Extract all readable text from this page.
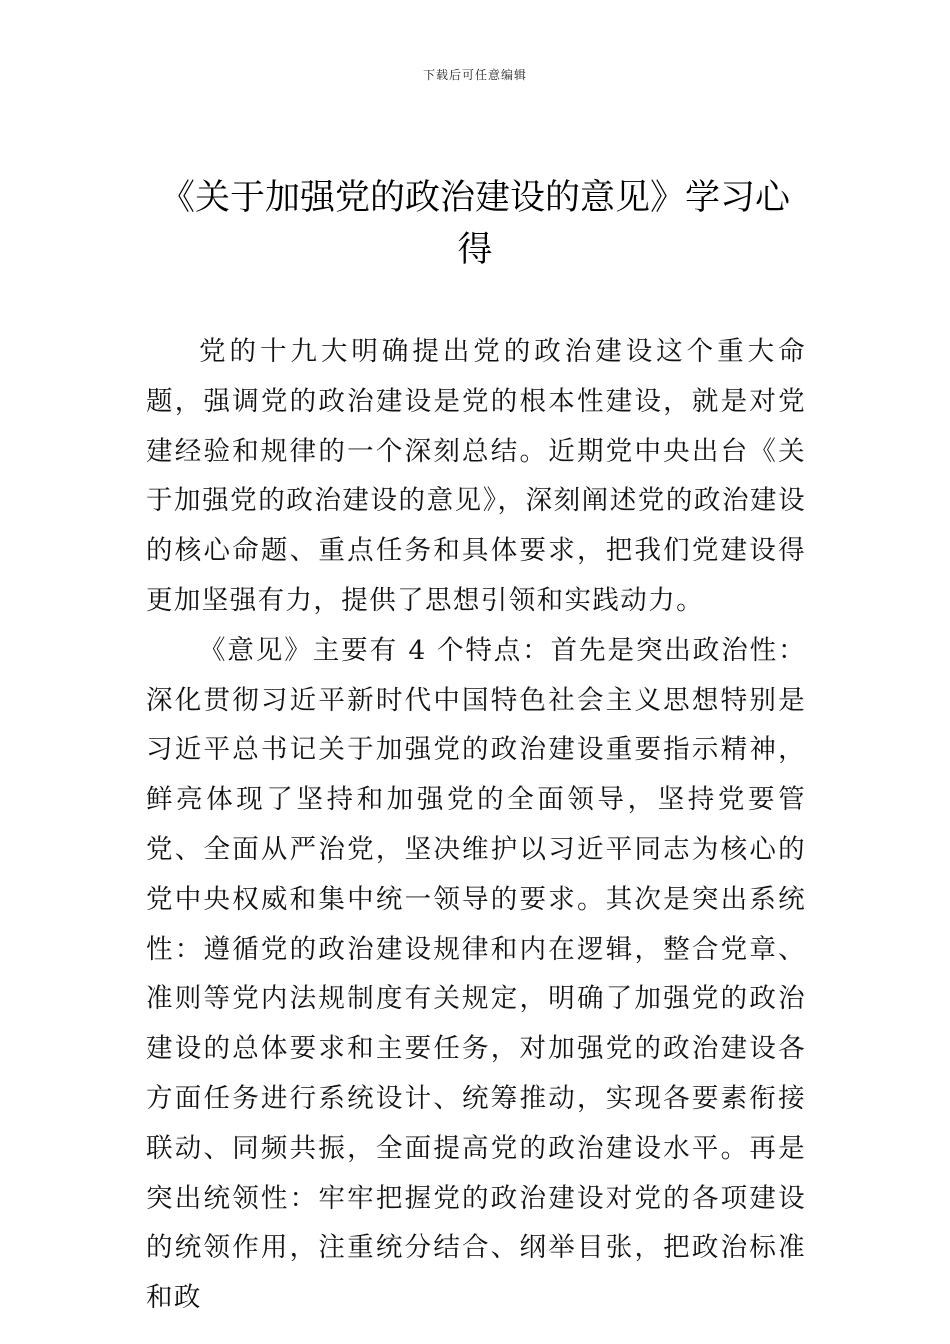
下载后可任意编辑
《关于加强党的政治建设的意见》学习心得

党的十九大明确提出党的政治建设这个重大命题，强调党的政治建设是党的根本性建设，就是对党建经验和规律的一个深刻总结。近期党中央出台《关于加强党的政治建设的意见》，深刻阐述党的政治建设的核心命题、重点任务和具体要求，把我们党建设得更加坚强有力，提供了思想引领和实践动力。

《意见》主要有 4 个特点：首先是突出政治性：深化贯彻习近平新时代中国特色社会主义思想特别是习近平总书记关于加强党的政治建设重要指示精神，鲜亮体现了坚持和加强党的全面领导，坚持党要管党、全面从严治党，坚决维护以习近平同志为核心的党中央权威和集中统一领导的要求。其次是突出系统性：遵循党的政治建设规律和内在逻辑，整合党章、准则等党内法规制度有关规定，明确了加强党的政治建设的总体要求和主要任务，对加强党的政治建设各方面任务进行系统设计、统筹推动，实现各要素衔接联动、同频共振，全面提高党的政治建设水平。再是突出统领性：牢牢把握党的政治建设对党的各项建设的统领作用，注重统分结合、纲举目张，把政治标准和政
